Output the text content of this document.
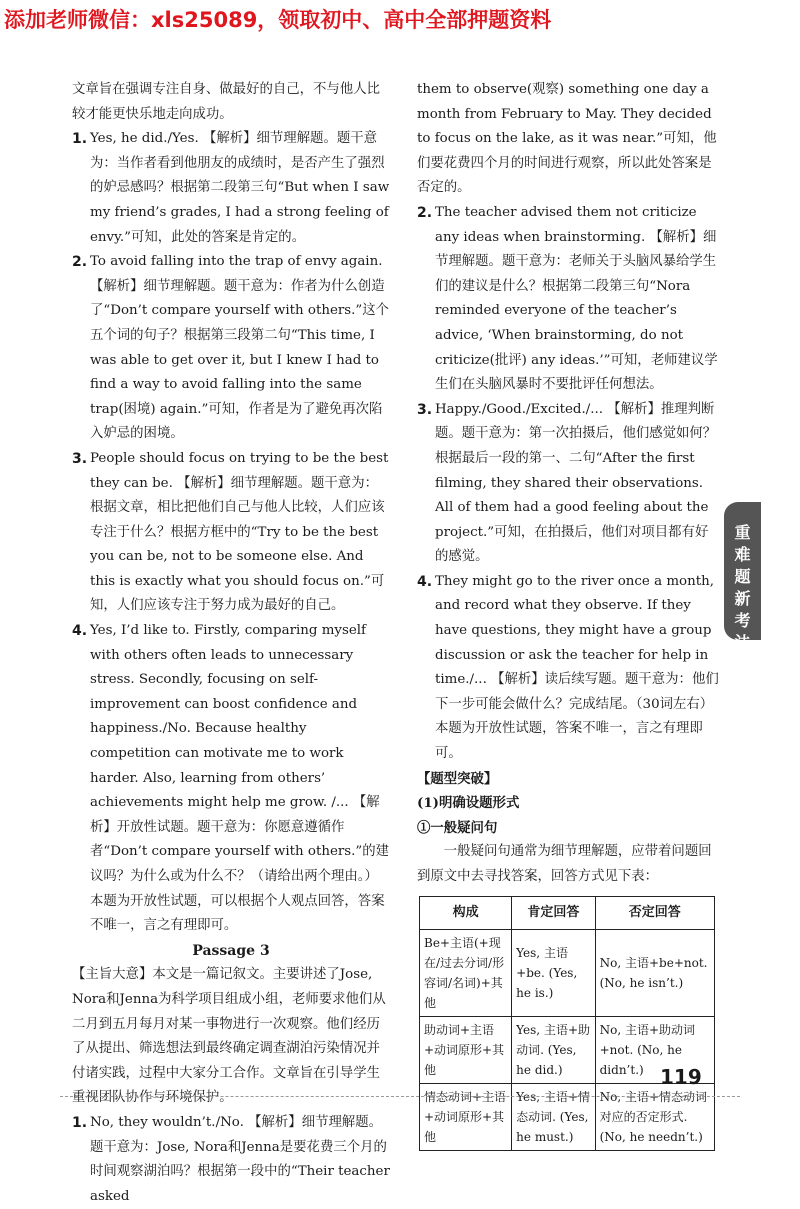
添加老师微信：xls25089，领取初中、高中全部押题资料

文章旨在强调专注自身、做最好的自己，不与他人比较才能更快乐地走向成功。

1. Yes, he did./Yes. 【解析】细节理解题。题干意为：当作者看到他朋友的成绩时，是否产生了强烈的妒忌感吗？根据第二段第三句“But when I saw my friend’s grades, I had a strong feeling of envy.”可知，此处的答案是肯定的。

2. To avoid falling into the trap of envy again. 【解析】细节理解题。题干意为：作者为什么创造了“Don’t compare yourself with others.”这个五个词的句子？根据第三段第二句“This time, I was able to get over it, but I knew I had to find a way to avoid falling into the same trap(困境) again.”可知，作者是为了避免再次陷入妒忌的困境。

3. People should focus on trying to be the best they can be. 【解析】细节理解题。题干意为：根据文章，相比把他们自己与他人比较，人们应该专注于什么？根据方框中的“Try to be the best you can be, not to be someone else. And this is exactly what you should focus on.”可知，人们应该专注于努力成为最好的自己。

4. Yes, I’d like to. Firstly, comparing myself with others often leads to unnecessary stress. Secondly, focusing on self-improvement can boost confidence and happiness./No. Because healthy competition can motivate me to work harder. Also, learning from others’ achievements might help me grow. /... 【解析】开放性试题。题干意为：你愿意遵循作者“Don’t compare yourself with others.”的建议吗？为什么或为什么不？（请给出两个理由。）本题为开放性试题，可以根据个人观点回答，答案不唯一，言之有理即可。

Passage 3

【主旨大意】本文是一篇记叙文。主要讲述了Jose, Nora和Jenna为科学项目组成小组，老师要求他们从二月到五月每月对某一事物进行一次观察。他们经历了从提出、筛选想法到最终确定调查湖泊污染情况并付诸实践，过程中大家分工合作。文章旨在引导学生重视团队协作与环境保护。

1. No, they wouldn’t./No. 【解析】细节理解题。题干意为：Jose, Nora和Jenna是要花费三个月的时间观察湖泊吗？根据第一段中的“Their teacher asked

them to observe(观察) something one day a month from February to May. They decided to focus on the lake, as it was near.”可知，他们要花费四个月的时间进行观察，所以此处答案是否定的。

2. The teacher advised them not criticize any ideas when brainstorming. 【解析】细节理解题。题干意为：老师关于头脑风暴给学生们的建议是什么？根据第二段第三句“Nora reminded everyone of the teacher’s advice, ‘When brainstorming, do not criticize(批评) any ideas.’”可知，老师建议学生们在头脑风暴时不要批评任何想法。

3. Happy./Good./Excited./... 【解析】推理判断题。题干意为：第一次拍摄后，他们感觉如何？根据最后一段的第一、二句“After the first filming, they shared their observations. All of them had a good feeling about the project.”可知，在拍摄后，他们对项目都有好的感觉。

4. They might go to the river once a month, and record what they observe. If they have questions, they might have a group discussion or ask the teacher for help in time./... 【解析】读后续写题。题干意为：他们下一步可能会做什么？完成结尾。（30词左右）本题为开放性试题，答案不唯一，言之有理即可。

【题型突破】

(1)明确设题形式

①一般疑问句

一般疑问句通常为细节理解题，应带着问题回到原文中去寻找答案，回答方式见下表：

构成	肯定回答	否定回答
Be+主语(+现在/过去分词/形容词/名词)+其他	Yes, 主语+be. (Yes, he is.)	No, 主语+be+not. (No, he isn’t.)
助动词+主语+动词原形+其他	Yes, 主语+助动词. (Yes, he did.)	No, 主语+助动词+not. (No, he didn’t.)
情态动词+主语+动词原形+其他	Yes, 主语+情态动词. (Yes, he must.)	No, 主语+情态动词对应的否定形式. (No, he needn’t.)
重
难
题
新
考
法
119
